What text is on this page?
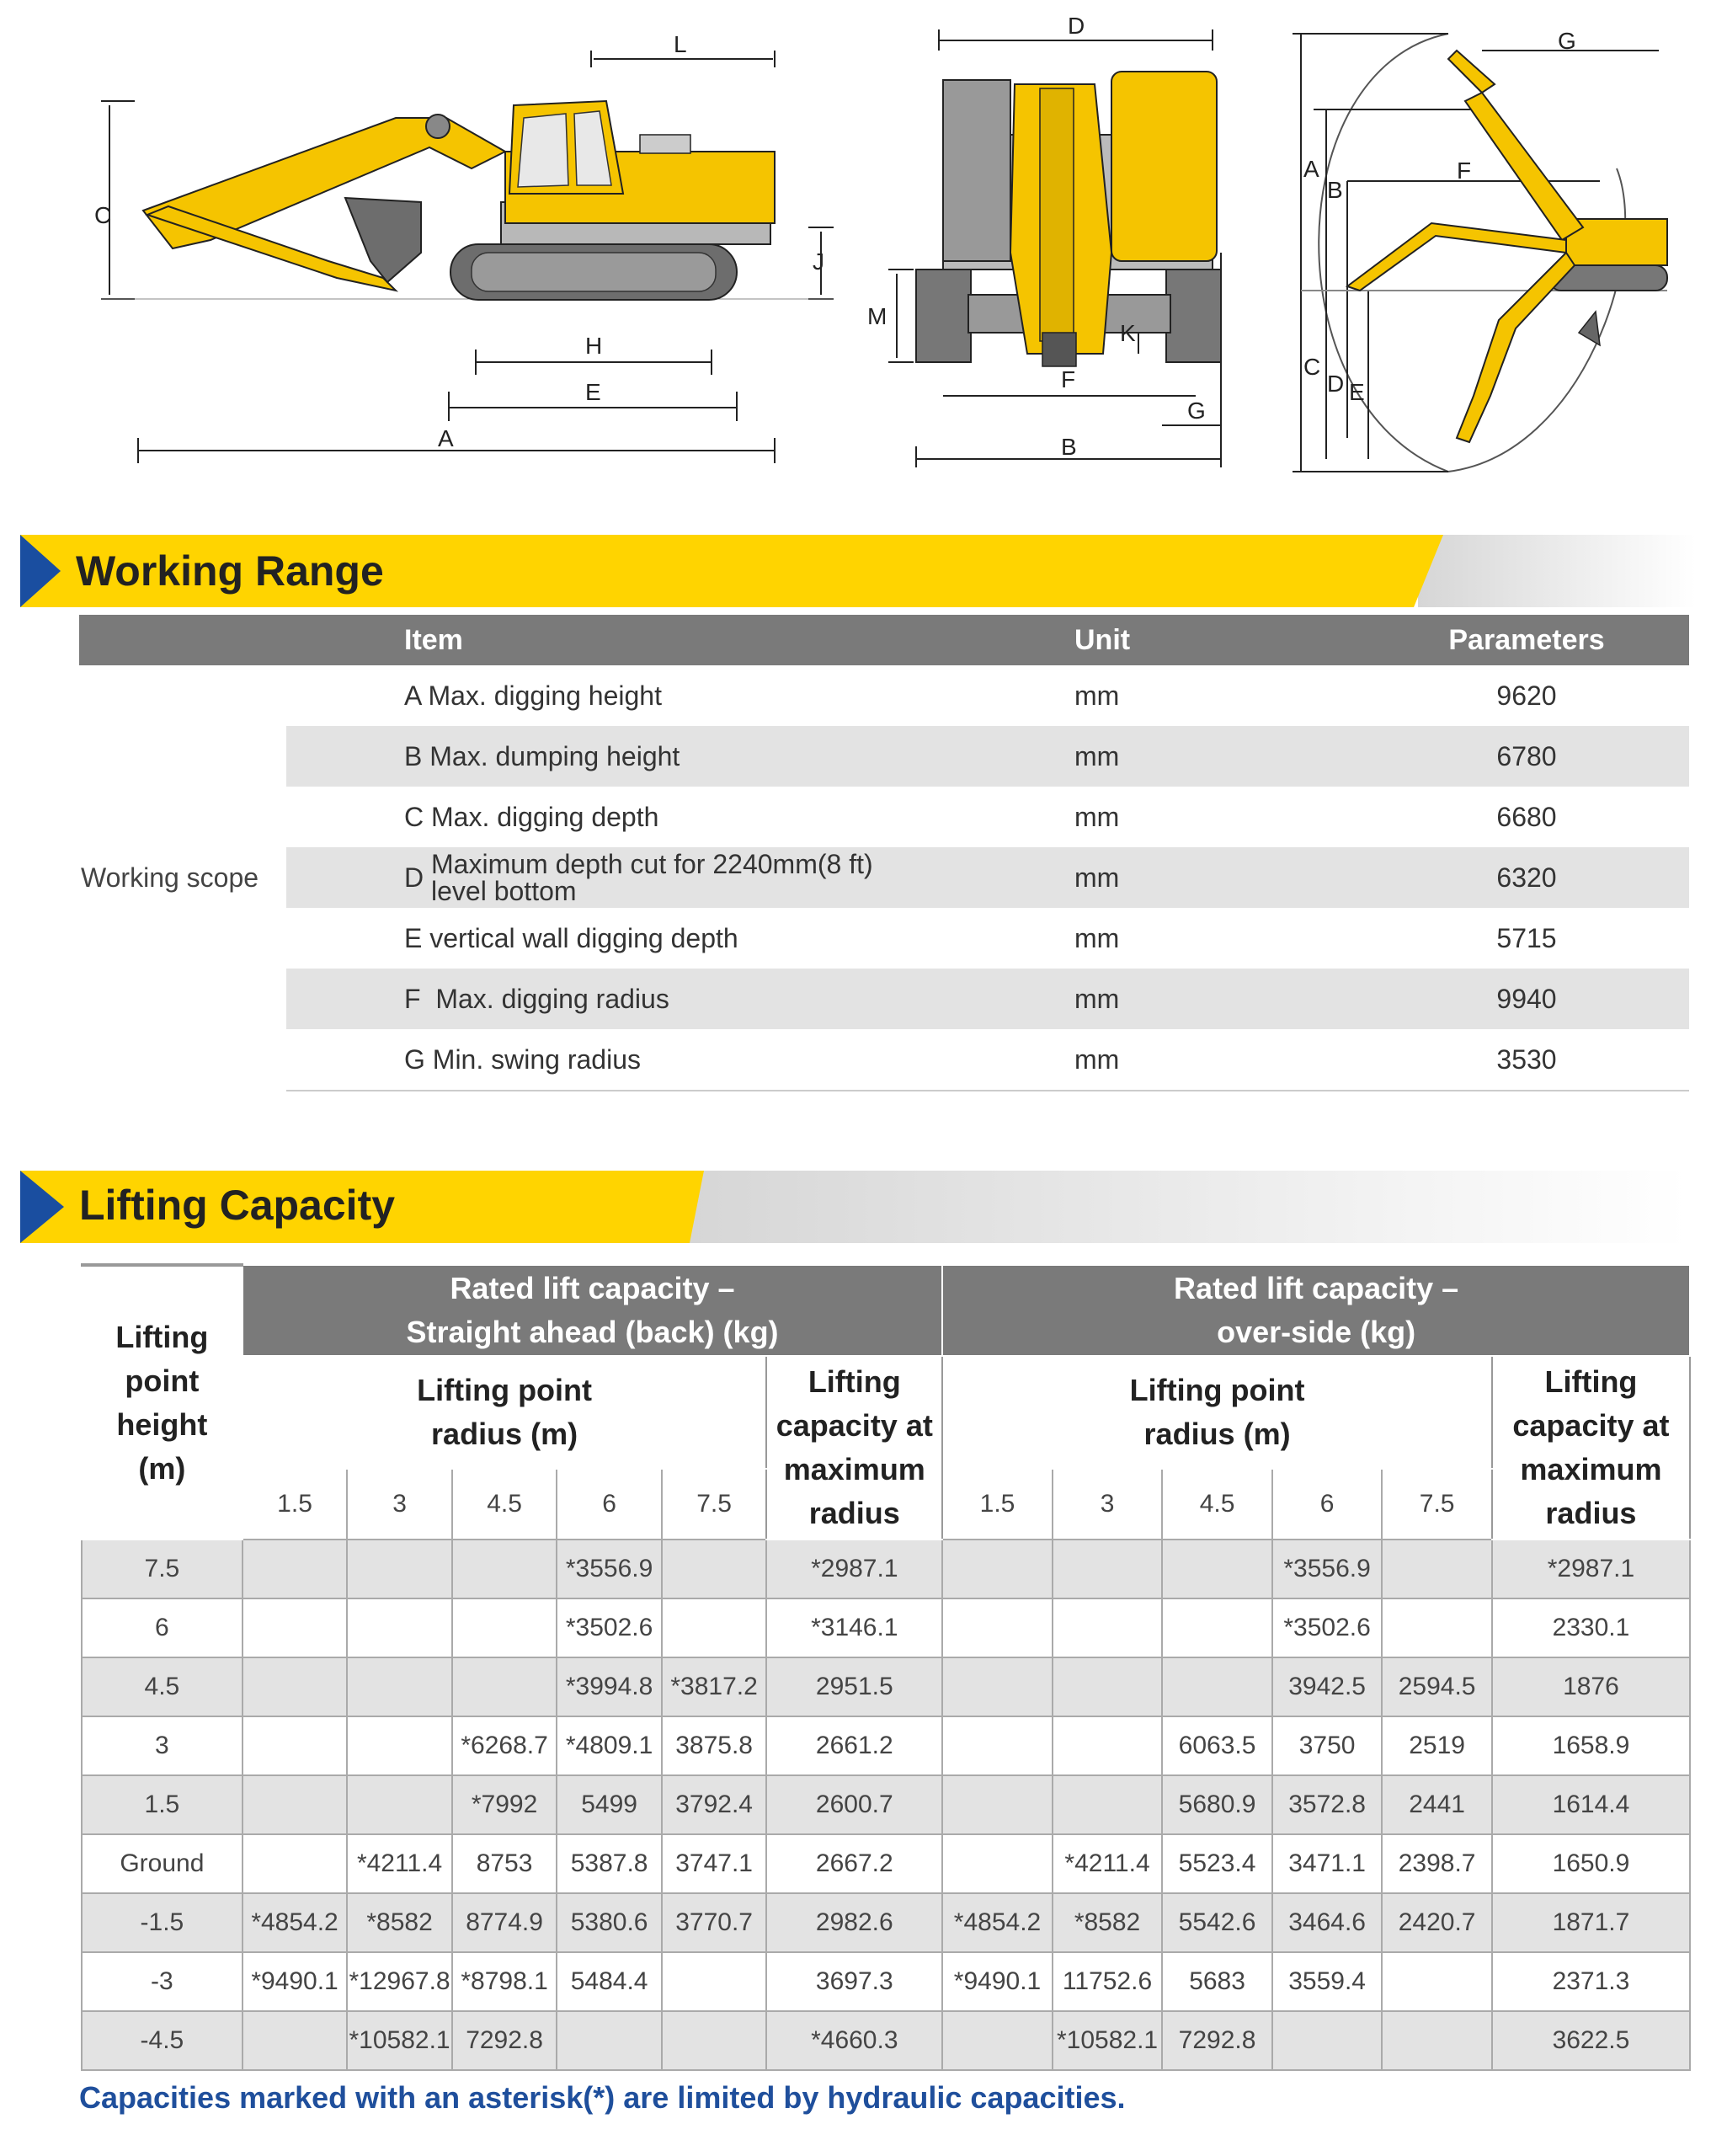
L
C
J
H
E
A
D
M
K
F
G
B
G
A
B
F
C
D E
Working Range
	Item	Unit	Parameters
Working scope	A Max. digging height	mm	9620
	B Max. dumping height	mm	6780
	C Max. digging depth	mm	6680
	D Maximum depth cut for 2240mm(8 ft)
level bottom	mm	6320
	E vertical wall digging depth	mm	5715
	F  Max. digging radius	mm	9940
	G Min. swing radius	mm	3530
Lifting Capacity
Lifting point height (m)	Rated lift capacity –
Straight ahead (back) (kg)						Rated lift capacity –
over-side (kg)					
	Lifting point
radius (m)					Lifting capacity at maximum radius	Lifting point
radius (m)					Lifting capacity at maximum radius
	1.5	3	4.5	6	7.5		1.5	3	4.5	6	7.5	
7.5				*3556.9		*2987.1				*3556.9		*2987.1
6				*3502.6		*3146.1				*3502.6		2330.1
4.5				*3994.8	*3817.2	2951.5				3942.5	2594.5	1876
3			*6268.7	*4809.1	3875.8	2661.2			6063.5	3750	2519	1658.9
1.5			*7992	5499	3792.4	2600.7			5680.9	3572.8	2441	1614.4
Ground		*4211.4	8753	5387.8	3747.1	2667.2		*4211.4	5523.4	3471.1	2398.7	1650.9
-1.5	*4854.2	*8582	8774.9	5380.6	3770.7	2982.6	*4854.2	*8582	5542.6	3464.6	2420.7	1871.7
-3	*9490.1	*12967.8	*8798.1	5484.4		3697.3	*9490.1	11752.6	5683	3559.4		2371.3
-4.5		*10582.1	7292.8			*4660.3		*10582.1	7292.8			3622.5
Capacities marked with an asterisk(*) are limited by hydraulic capacities.
